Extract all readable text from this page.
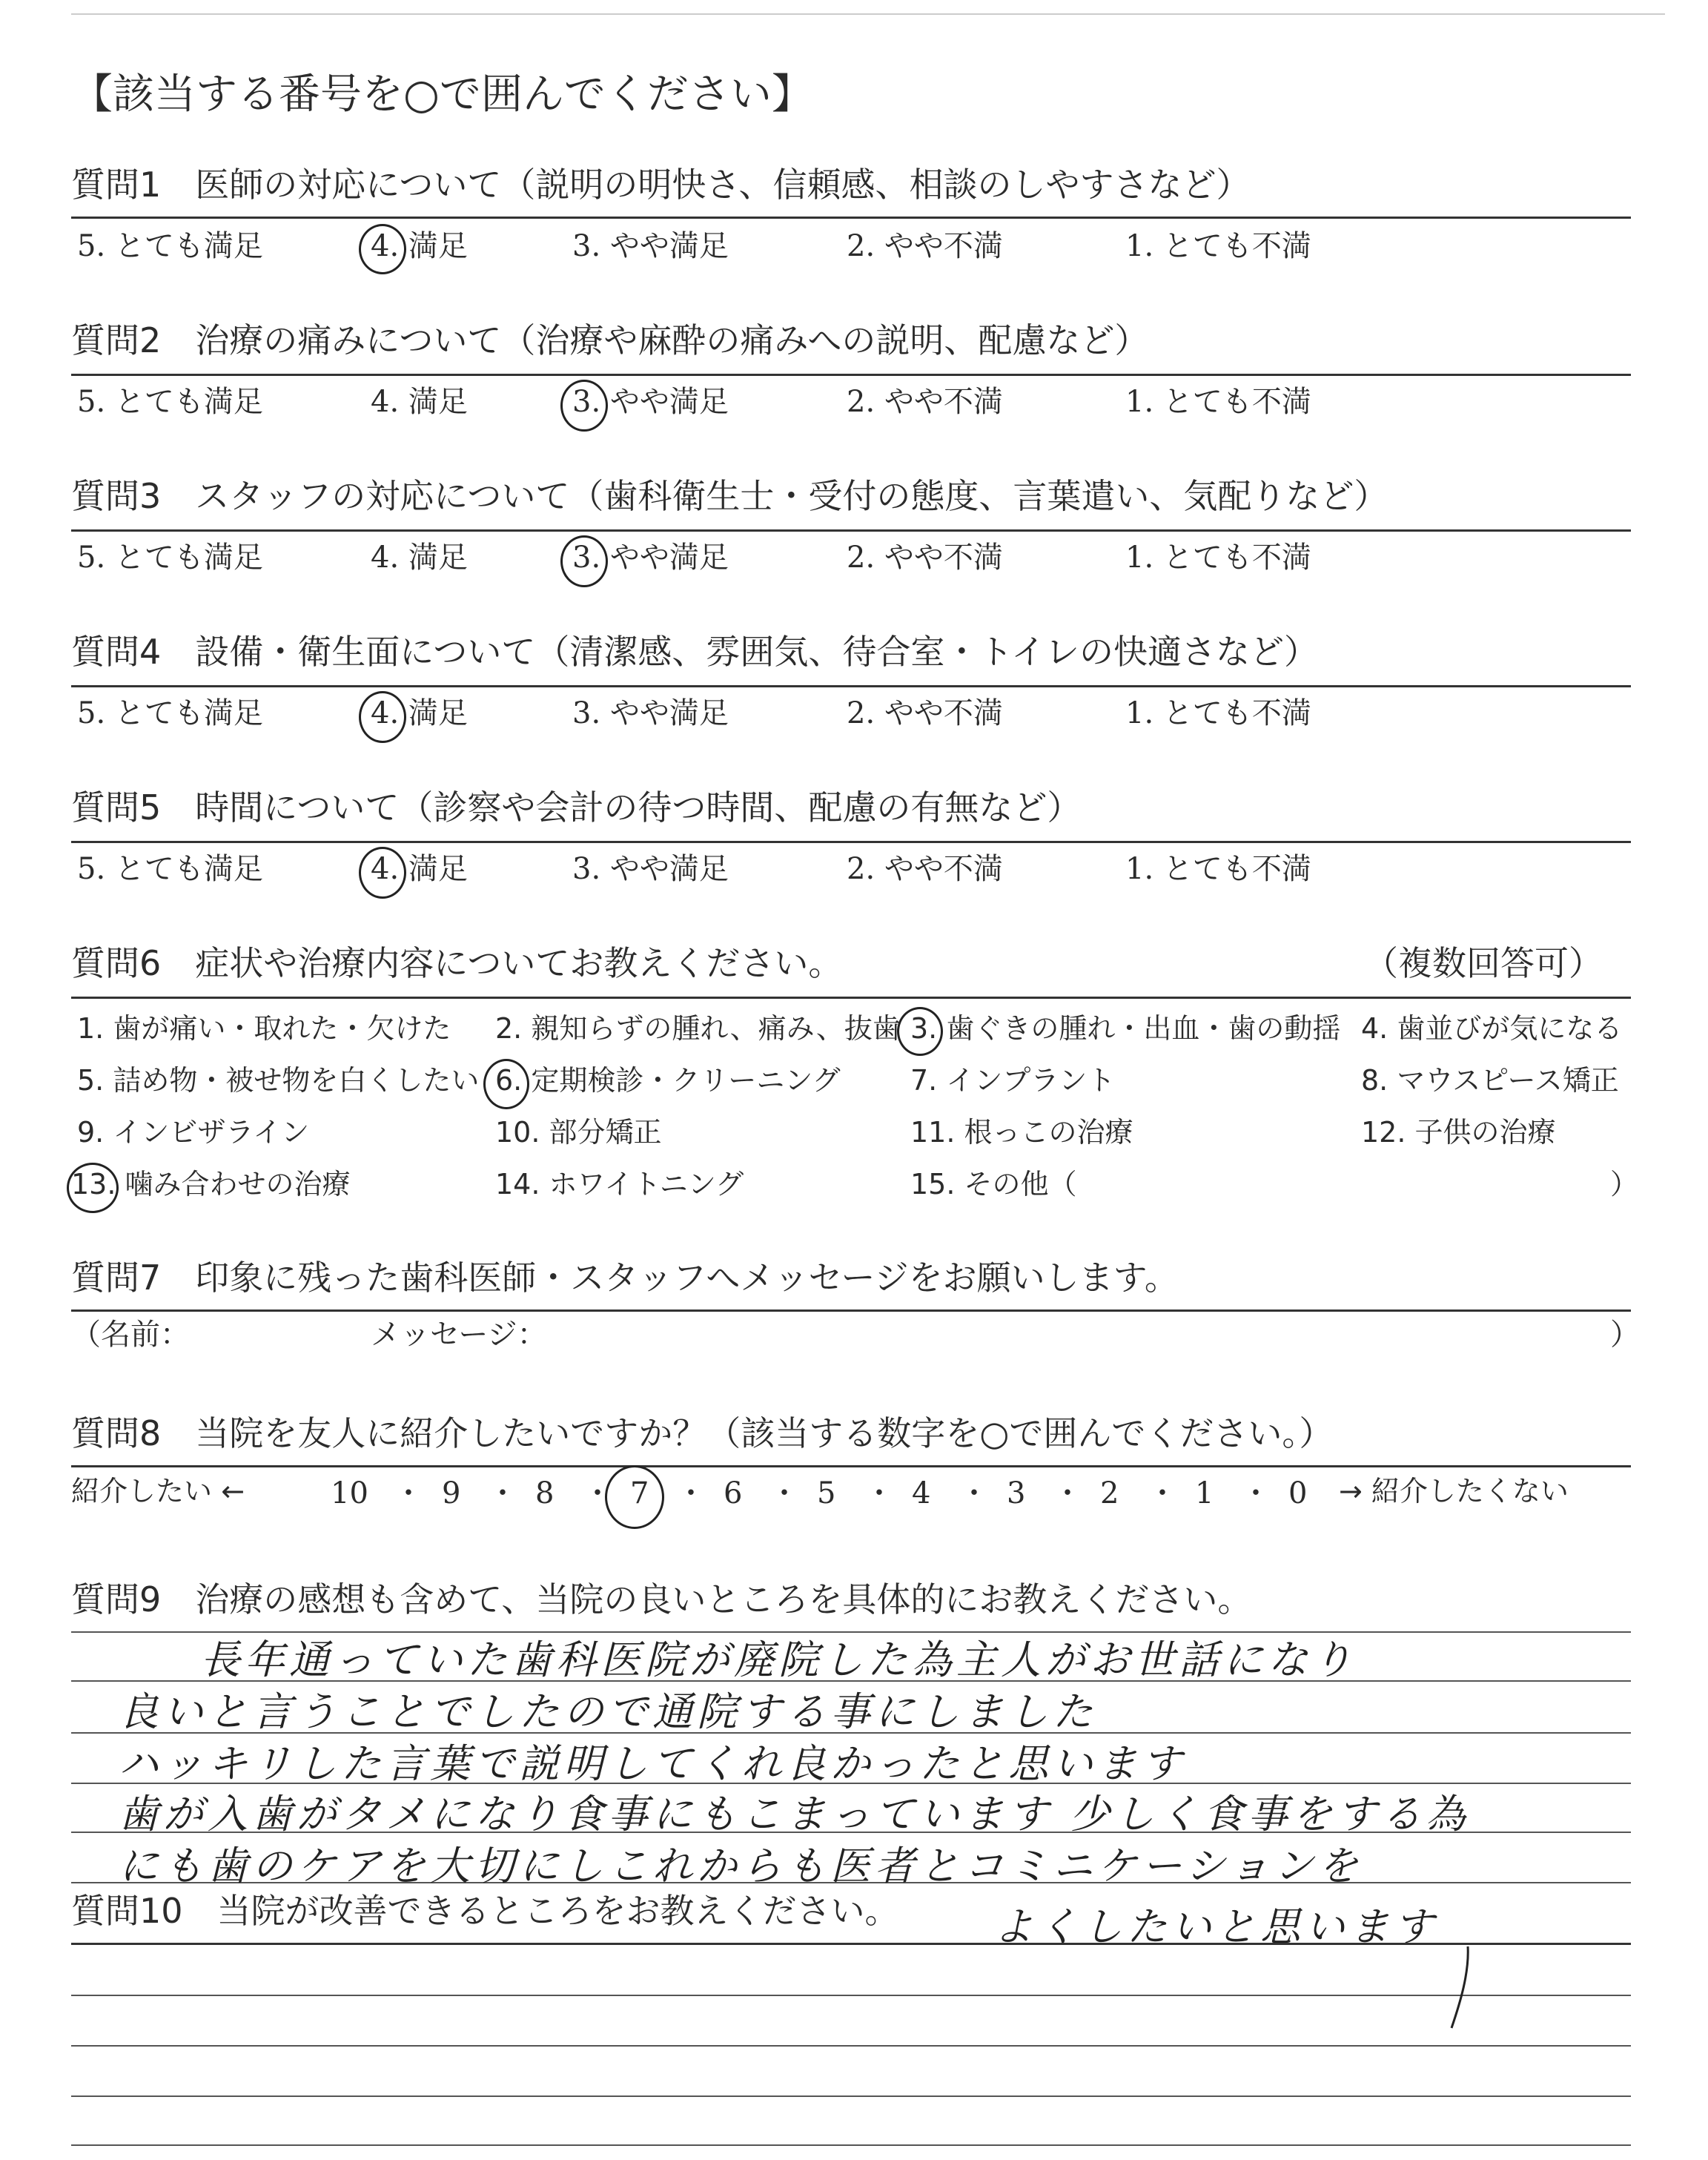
【該当する番号を○で囲んでください】
質問1　医師の対応について（説明の明快さ、信頼感、相談のしやすさなど）
5. とても満足	4. 満足	3. やや満足	2. やや不満	1. とても不満
質問2　治療の痛みについて（治療や麻酔の痛みへの説明、配慮など）
5. とても満足	4. 満足	3. やや満足	2. やや不満	1. とても不満
質問3　スタッフの対応について（歯科衛生士・受付の態度、言葉遣い、気配りなど）
5. とても満足	4. 満足	3. やや満足	2. やや不満	1. とても不満
質問4　設備・衛生面について（清潔感、雰囲気、待合室・トイレの快適さなど）
5. とても満足	4. 満足	3. やや満足	2. やや不満	1. とても不満
質問5　時間について（診察や会計の待つ時間、配慮の有無など）
5. とても満足	4. 満足	3. やや満足	2. やや不満	1. とても不満
質問6　症状や治療内容についてお教えください。	（複数回答可）
1. 歯が痛い・取れた・欠けた 2. 親知らずの腫れ、痛み、抜歯 3. 歯ぐきの腫れ・出血・歯の動揺 4. 歯並びが気になる
5. 詰め物・被せ物を白くしたい 6. 定期検診・クリーニング 7. インプラント	8. マウスピース矯正
9. インビザライン	10. 部分矯正	11. 根っこの治療	12. 子供の治療
13. 噛み合わせの治療	14. ホワイトニング	15. その他（	）
質問7　印象に残った歯科医師・スタッフへメッセージをお願いします。
（名前：	メッセージ：	）
質問8　当院を友人に紹介したいですか？（該当する数字を○で囲んでください。）
紹介したい ←	10 9	8	7	6	5	4	3	2	1	0
・ ・ ・ ・ ・ ・ ・ ・ ・ ・ → 紹介したくない
質問9　治療の感想も含めて、当院の良いところを具体的にお教えください。
長年通っていた歯科医院が廃院した為主人がお世話になり
良いと言うことでしたので通院する事にしました
ハッキリした言葉で説明してくれ良かったと思います
歯が入歯がタメになり食事にもこまっています 少しく食事をする為
にも歯のケアを大切にしこれからも医者とコミニケーションを
よくしたいと思います
質問10　当院が改善できるところをお教えください。
